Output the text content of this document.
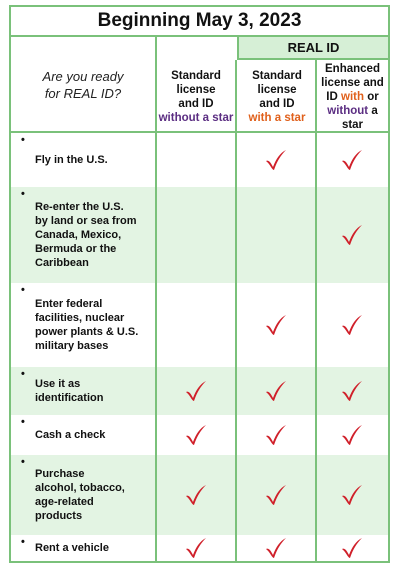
Beginning May 3, 2023
Are you ready
for REAL ID?
REAL ID
Standard
license
and ID
without a star
Standard
license
and ID
with a star
Enhanced
license and
ID with or
without a star
•
Fly in the U.S.
•
Re-enter the U.S.
by land or sea from
Canada, Mexico,
Bermuda or the
Caribbean
•
Enter federal
facilities, nuclear
power plants & U.S.
military bases
•
Use it as
identification
•
Cash a check
•
Purchase
alcohol, tobacco,
age-related
products
• Rent a vehicle
